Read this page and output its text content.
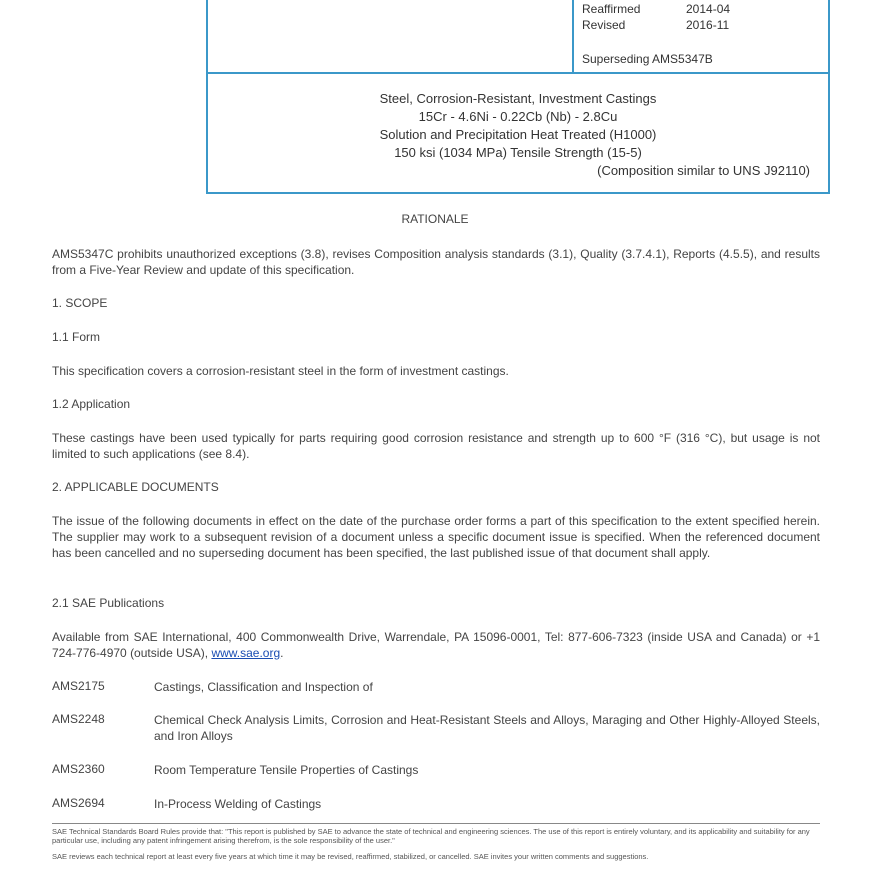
Reaffirmed	2014-04
Revised	2016-11
Superseding AMS5347B
Steel, Corrosion-Resistant, Investment Castings
15Cr - 4.6Ni - 0.22Cb (Nb) - 2.8Cu
Solution and Precipitation Heat Treated (H1000)
150 ksi (1034 MPa) Tensile Strength (15-5)
(Composition similar to UNS J92110)
RATIONALE
AMS5347C prohibits unauthorized exceptions (3.8), revises Composition analysis standards (3.1), Quality (3.7.4.1), Reports (4.5.5), and results from a Five-Year Review and update of this specification.
1. SCOPE
1.1 Form
This specification covers a corrosion-resistant steel in the form of investment castings.
1.2 Application
These castings have been used typically for parts requiring good corrosion resistance and strength up to 600 °F (316 °C), but usage is not limited to such applications (see 8.4).
2. APPLICABLE DOCUMENTS
The issue of the following documents in effect on the date of the purchase order forms a part of this specification to the extent specified herein. The supplier may work to a subsequent revision of a document unless a specific document issue is specified. When the referenced document has been cancelled and no superseding document has been specified, the last published issue of that document shall apply.
2.1 SAE Publications
Available from SAE International, 400 Commonwealth Drive, Warrendale, PA 15096-0001, Tel: 877-606-7323 (inside USA and Canada) or +1 724-776-4970 (outside USA), www.sae.org.
AMS2175	Castings, Classification and Inspection of
AMS2248	Chemical Check Analysis Limits, Corrosion and Heat-Resistant Steels and Alloys, Maraging and Other Highly-Alloyed Steels, and Iron Alloys
AMS2360	Room Temperature Tensile Properties of Castings
AMS2694	In-Process Welding of Castings
SAE Technical Standards Board Rules provide that: "This report is published by SAE to advance the state of technical and engineering sciences. The use of this report is entirely voluntary, and its applicability and suitability for any particular use, including any patent infringement arising therefrom, is the sole responsibility of the user."
SAE reviews each technical report at least every five years at which time it may be revised, reaffirmed, stabilized, or cancelled. SAE invites your written comments and suggestions.
